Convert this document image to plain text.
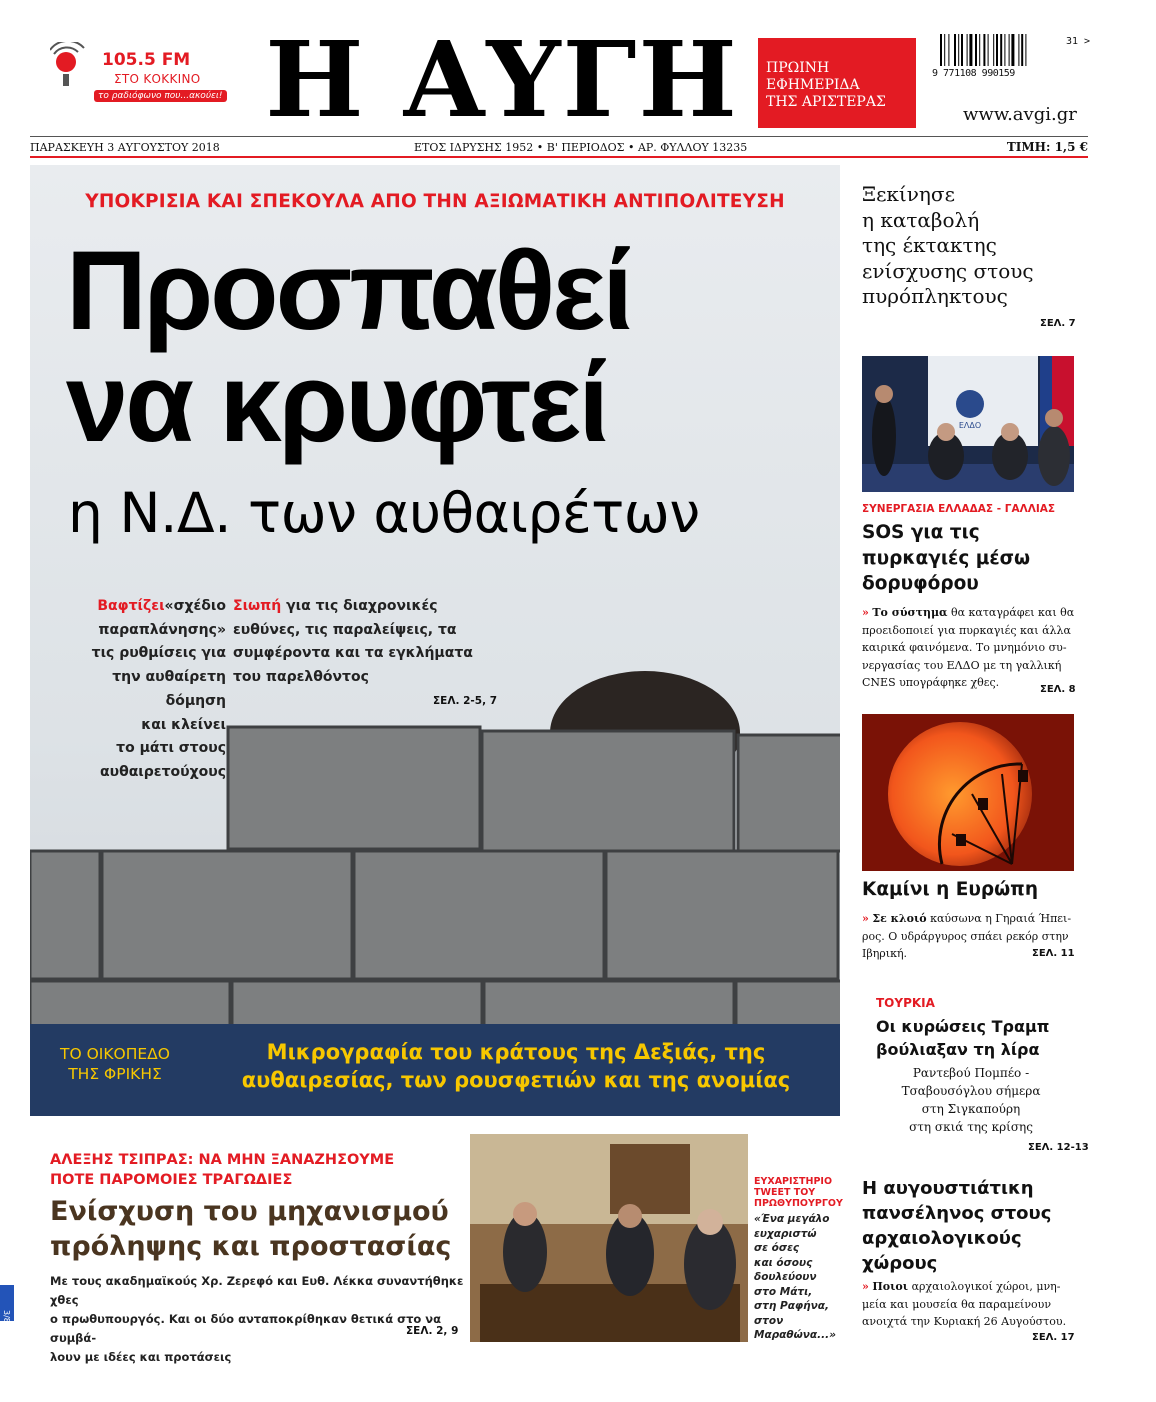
105.5 FM
ΣΤΟ ΚΟΚΚΙΝΟ
το ραδιόφωνο που...ακούει! Η ΑΥΓΗ ΠΡΩΙΝΗ
ΕΦΗΜΕΡΙΔΑ
ΤΗΣ ΑΡΙΣΤΕΡΑΣ
9 771108 990159
31 >
www.avgi.gr
ΠΑΡΑΣΚΕΥΗ 3 ΑΥΓΟΥΣΤΟΥ 2018	ΕΤΟΣ ΙΔΡΥΣΗΣ 1952 • Β' ΠΕΡΙΟΔΟΣ • ΑΡ. ΦΥΛΛΟΥ 13235	ΤΙΜΗ: 1,5 €
ΥΠΟΚΡΙΣΙΑ ΚΑΙ ΣΠΕΚΟΥΛΑ ΑΠΟ ΤΗΝ ΑΞΙΩΜΑΤΙΚΗ ΑΝΤΙΠΟΛΙΤΕΥΣΗ
Προσπαθεί
να κρυφτεί
η Ν.Δ. των αυθαιρέτων
Βαφτίζει«σχέδιο
παραπλάνησης»
τις ρυθμίσεις για
την αυθαίρετη
δόμηση
και κλείνει
το μάτι στους
αυθαιρετούχους
Σιωπή για τις διαχρονικές
ευθύνες, τις παραλείψεις, τα
συμφέροντα και τα εγκλήματα
του παρελθόντος
ΣΕΛ. 2-5, 7
ΤΟ ΟΙΚΟΠΕΔΟ
ΤΗΣ ΦΡΙΚΗΣ
Μικρογραφία του κράτους της Δεξιάς, της
αυθαιρεσίας, των ρουσφετιών και της ανομίας
ΑΛΕΞΗΣ ΤΣΙΠΡΑΣ: ΝΑ ΜΗΝ ΞΑΝΑΖΗΣΟΥΜΕ
ΠΟΤΕ ΠΑΡΟΜΟΙΕΣ ΤΡΑΓΩΔΙΕΣ
Ενίσχυση του μηχανισμού
πρόληψης και προστασίας
Με τους ακαδημαϊκούς Χρ. Ζερεφό και Ευθ. Λέκκα συναντήθηκε χθες
ο πρωθυπουργός. Και οι δύο ανταποκρίθηκαν θετικά στο να συμβά-
λουν με ιδέες και προτάσεις
ΣΕΛ. 2, 9
ΕΥΧΑΡΙΣΤΗΡΙΟ
TWEET ΤΟΥ
ΠΡΩΘΥΠΟΥΡΓΟΥ
«Ένα μεγάλο
ευχαριστώ
σε όσες
και όσους
δουλεύουν
στο Μάτι,
στη Ραφήνα,
στον
Μαραθώνα...»
Ξεκίνησε
η καταβολή
της έκτακτης
ενίσχυσης στους
πυρόπληκτους
ΣΕΛ. 7
ΕΛΔΟ
ΣΥΝΕΡΓΑΣΙΑ ΕΛΛΑΔΑΣ - ΓΑΛΛΙΑΣ
SOS για τις
πυρκαγιές μέσω
δορυφόρου
» Το σύστημα θα καταγράφει και θα
προειδοποιεί για πυρκαγιές και άλλα
καιρικά φαινόμενα. Το μνημόνιο συ-
νεργασίας του ΕΛΔΟ με τη γαλλική
CNES υπογράφηκε χθες.
ΣΕΛ. 8
Καμίνι η Ευρώπη
» Σε κλοιό καύσωνα η Γηραιά Ήπει-
ρος. Ο υδράργυρος σπάει ρεκόρ στην
Ιβηρική.	ΣΕΛ. 11
ΤΟΥΡΚΙΑ
Οι κυρώσεις Τραμπ
βούλιαξαν τη λίρα
Ραντεβού Πομπέο -
Τσαβουσόγλου σήμερα
στη Σιγκαπούρη
στη σκιά της κρίσης
ΣΕΛ. 12-13
Η αυγουστιάτικη
πανσέληνος στους
αρχαιολογικούς
χώρους
» Ποιοι αρχαιολογικοί χώροι, μνη-
μεία και μουσεία θα παραμείνουν
ανοιχτά την Κυριακή 26 Αυγούστου.
ΣΕΛ. 17
3/8
